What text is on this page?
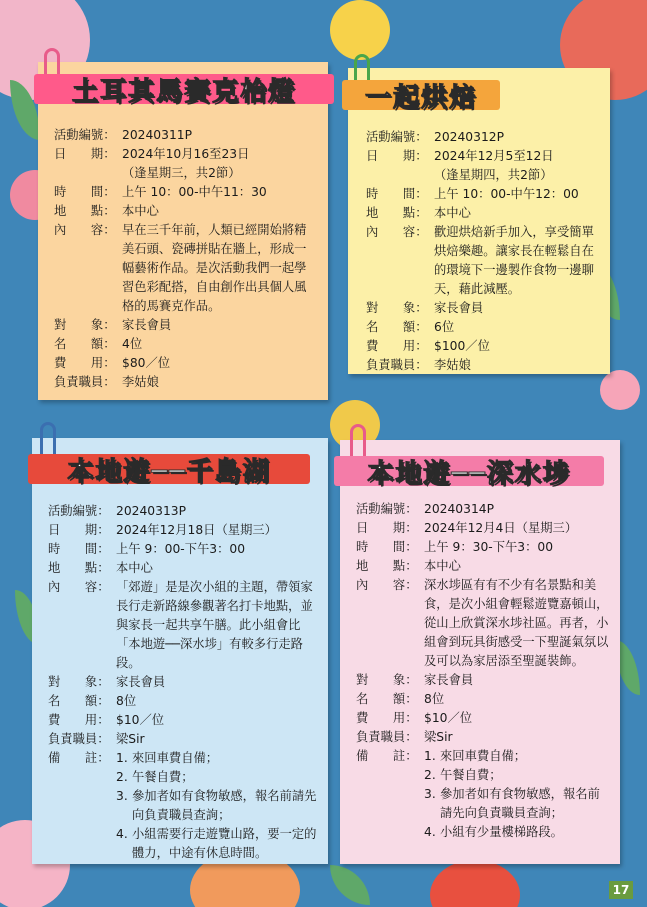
土耳其馬賽克枱燈
活動編號： 20240311P
日　　期： 2024年10月16至23日
（逢星期三，共2節）
時　　間： 上午 10：00-中午11：30
地　　點： 本中心
內　　容： 早在三千年前，人類已經開始將精美石頭、瓷磚拼貼在牆上，形成一幅藝術作品。是次活動我們一起學習色彩配搭，自由創作出具個人風格的馬賽克作品。
對　　象： 家長會員
名　　額： 4位
費　　用： $80／位
負責職員： 李姑娘
一起烘焙
活動編號： 20240312P
日　　期： 2024年12月5至12日
（逢星期四，共2節）
時　　間： 上午 10：00-中午12：00
地　　點： 本中心
內　　容： 歡迎烘焙新手加入，享受簡單烘焙樂趣。讓家長在輕鬆自在的環境下一邊製作食物一邊聊天，藉此減壓。
對　　象： 家長會員
名　　額： 6位
費　　用： $100／位
負責職員： 李姑娘
本地遊──千島湖
活動編號： 20240313P
日　　期： 2024年12月18日（星期三）
時　　間： 上午 9：00-下午3：00
地　　點： 本中心
內　　容： 「郊遊」是是次小組的主題，帶領家長行走新路線參觀著名打卡地點，並與家長一起共享午膳。此小組會比「本地遊──深水埗」有較多行走路段。
對　　象： 家長會員
名　　額： 8位
費　　用： $10／位
負責職員： 梁Sir
備　　註： 1. 來回車費自備；
2. 午餐自費；
3. 參加者如有食物敏感，報名前請先向負責職員查詢；
4. 小組需要行走遊覽山路，要一定的體力，中途有休息時間。
本地遊──深水埗
活動編號： 20240314P
日　　期： 2024年12月4日（星期三）
時　　間： 上午 9：30-下午3：00
地　　點： 本中心
內　　容： 深水埗區有有不少有名景點和美食，是次小組會輕鬆遊覽嘉頓山，從山上欣賞深水埗社區。再者，小組會到玩具街感受一下聖誕氣氛以及可以為家居添至聖誕裝飾。
對　　象： 家長會員
名　　額： 8位
費　　用： $10／位
負責職員： 梁Sir
備　　註： 1. 來回車費自備；
2. 午餐自費；
3. 參加者如有食物敏感，報名前請先向負責職員查詢；
4. 小組有少量樓梯路段。
17
